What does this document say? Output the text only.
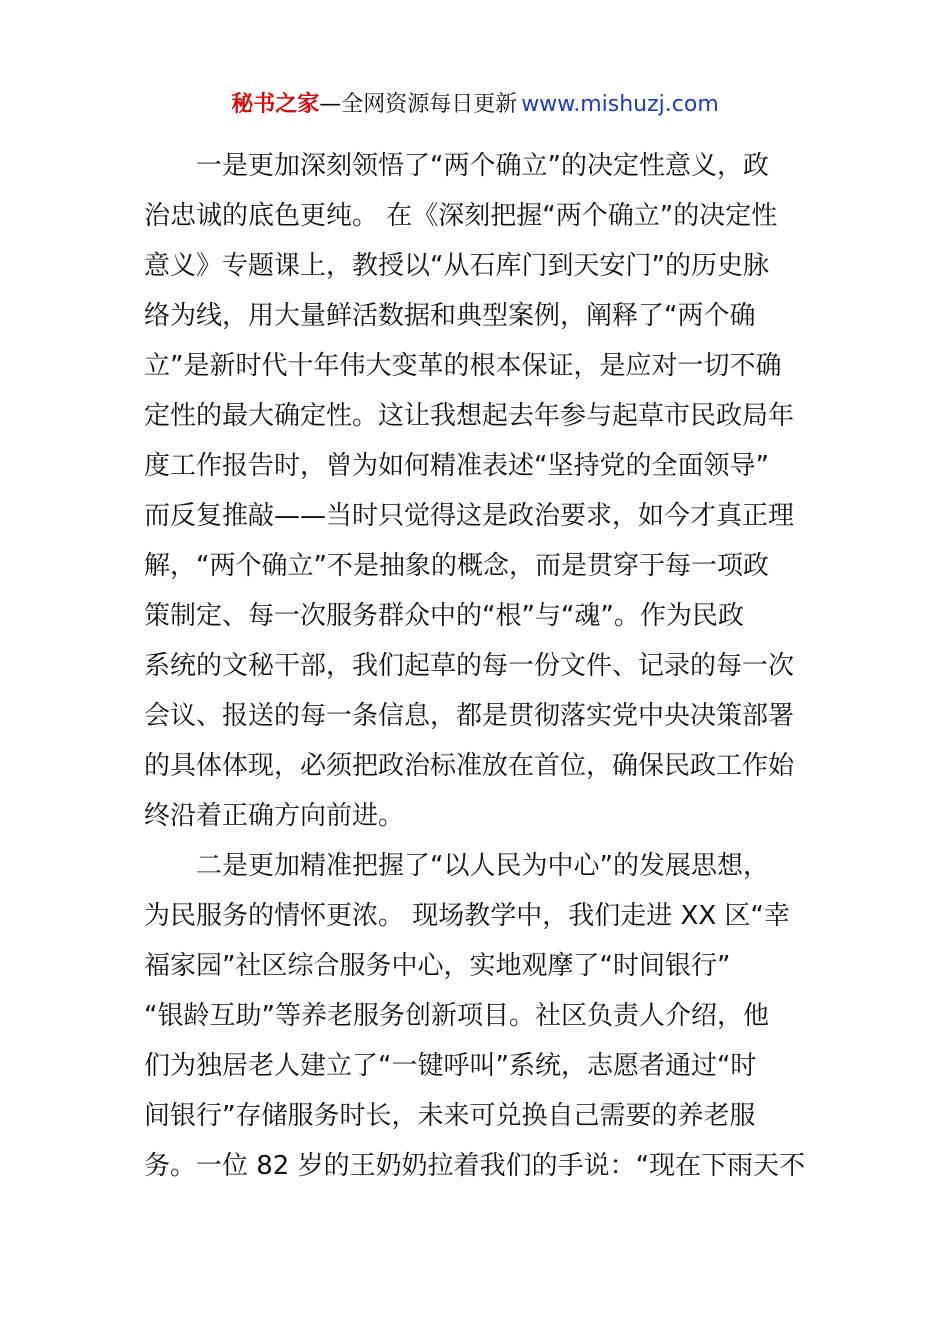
秘书之家—全网资源每日更新 www.mishuzj.com
一是更加深刻领悟了“两个确立”的决定性意义，政
治忠诚的底色更纯。 在《深刻把握“两个确立”的决定性
意义》专题课上，教授以“从石库门到天安门”的历史脉
络为线，用大量鲜活数据和典型案例，阐释了“两个确
立”是新时代十年伟大变革的根本保证，是应对一切不确
定性的最大确定性。这让我想起去年参与起草市民政局年
度工作报告时，曾为如何精准表述“坚持党的全面领导”
而反复推敲——当时只觉得这是政治要求，如今才真正理
解，“两个确立”不是抽象的概念，而是贯穿于每一项政
策制定、每一次服务群众中的“根”与“魂”。作为民政
系统的文秘干部，我们起草的每一份文件、记录的每一次
会议、报送的每一条信息，都是贯彻落实党中央决策部署
的具体体现，必须把政治标准放在首位，确保民政工作始
终沿着正确方向前进。
二是更加精准把握了“以人民为中心”的发展思想，
为民服务的情怀更浓。 现场教学中，我们走进 XX 区“幸
福家园”社区综合服务中心，实地观摩了“时间银行”
“银龄互助”等养老服务创新项目。社区负责人介绍，他
们为独居老人建立了“一键呼叫”系统，志愿者通过“时
间银行”存储服务时长，未来可兑换自己需要的养老服
务。一位 82 岁的王奶奶拉着我们的手说：“现在下雨天不
